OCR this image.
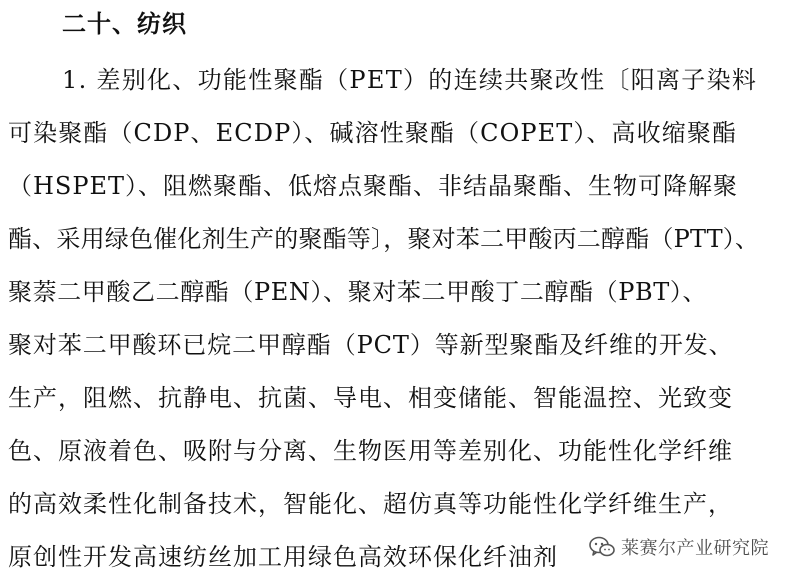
二十、纺织
1. 差别化、功能性聚酯（PET）的连续共聚改性〔阳离子染料
可染聚酯（CDP、ECDP）、碱溶性聚酯（COPET）、高收缩聚酯
（HSPET）、阻燃聚酯、低熔点聚酯、非结晶聚酯、生物可降解聚
酯、采用绿色催化剂生产的聚酯等〕，聚对苯二甲酸丙二醇酯（PTT）、
聚萘二甲酸乙二醇酯（PEN）、聚对苯二甲酸丁二醇酯（PBT）、
聚对苯二甲酸环已烷二甲醇酯（PCT）等新型聚酯及纤维的开发、
生产，阻燃、抗静电、抗菌、导电、相变储能、智能温控、光致变
色、原液着色、吸附与分离、生物医用等差别化、功能性化学纤维
的高效柔性化制备技术，智能化、超仿真等功能性化学纤维生产，
原创性开发高速纺丝加工用绿色高效环保化纤油剂	莱赛尔产业研究院
